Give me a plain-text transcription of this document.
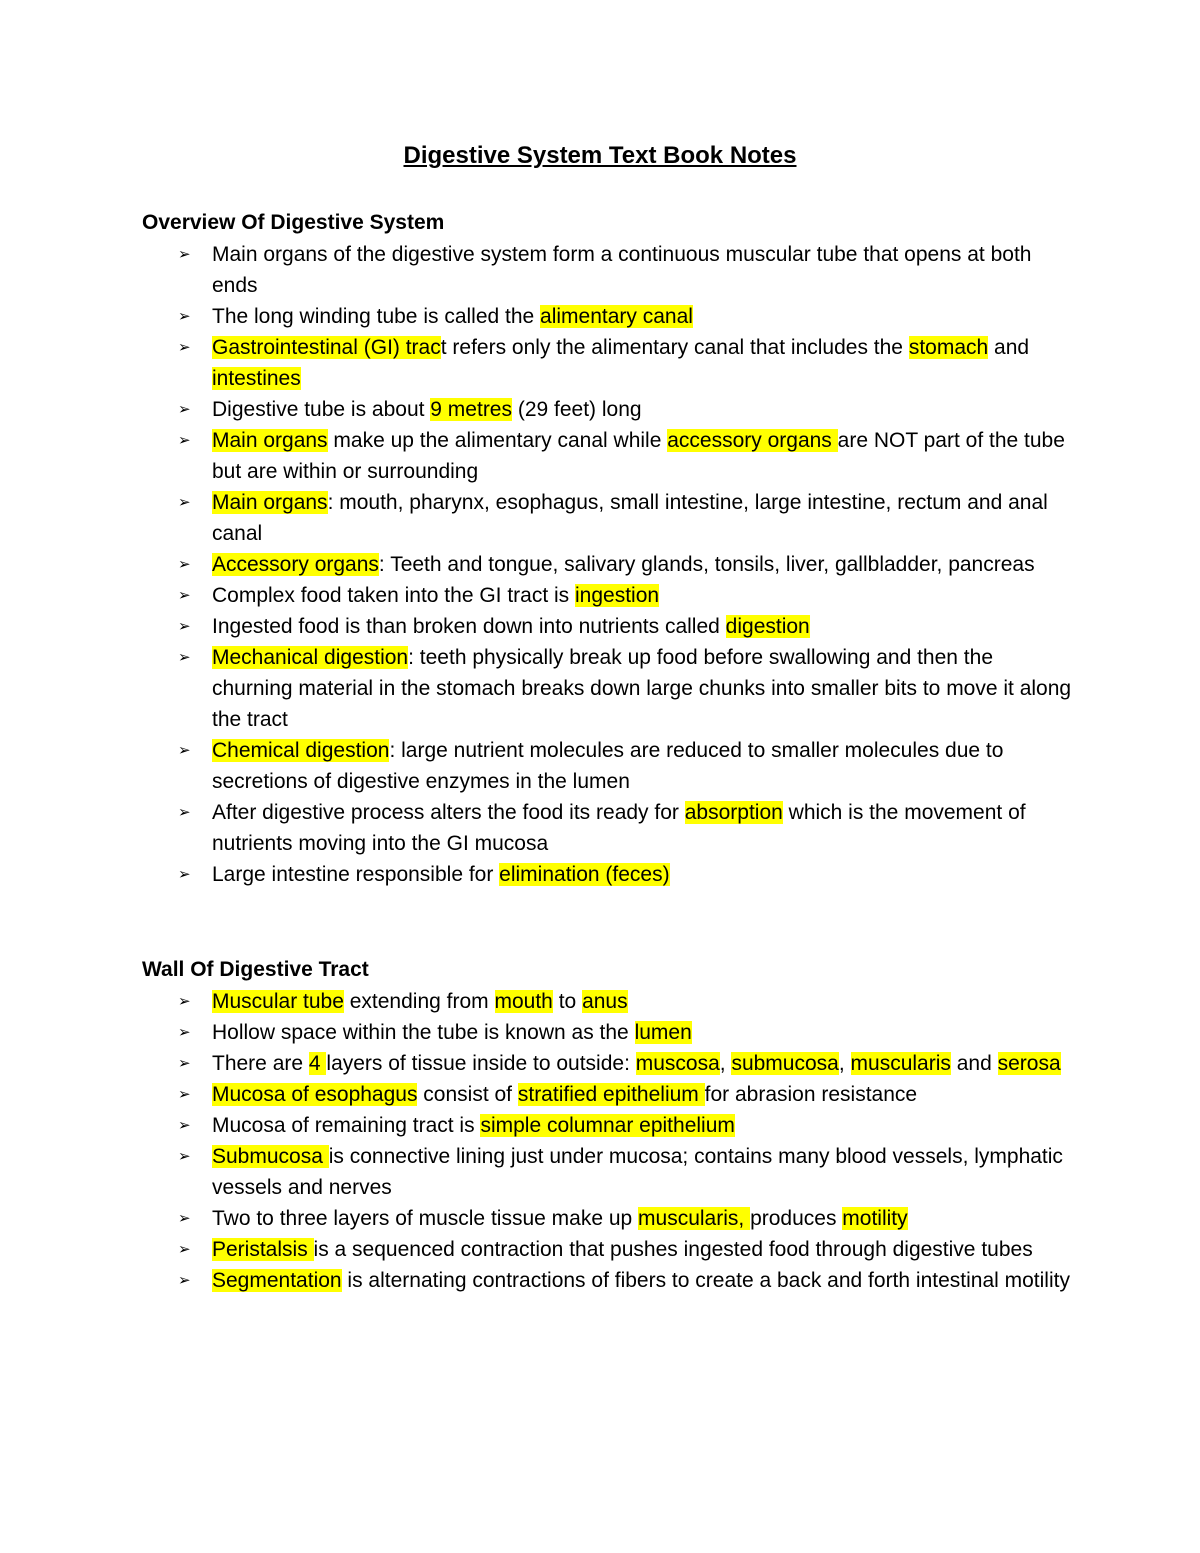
Digestive System Text Book Notes
Overview Of Digestive System
➢ Main organs of the digestive system form a continuous muscular tube that opens at both ends
➢ The long winding tube is called the alimentary canal
➢ Gastrointestinal (GI) tract refers only the alimentary canal that includes the stomach and intestines
➢ Digestive tube is about 9 metres (29 feet) long
➢ Main organs make up the alimentary canal while accessory organs are NOT part of the tube but are within or surrounding
➢ Main organs: mouth, pharynx, esophagus, small intestine, large intestine, rectum and anal canal
➢ Accessory organs: Teeth and tongue, salivary glands, tonsils, liver, gallbladder, pancreas
➢ Complex food taken into the GI tract is ingestion
➢ Ingested food is than broken down into nutrients called digestion
➢ Mechanical digestion: teeth physically break up food before swallowing and then the churning material in the stomach breaks down large chunks into smaller bits to move it along the tract
➢ Chemical digestion: large nutrient molecules are reduced to smaller molecules due to secretions of digestive enzymes in the lumen
➢ After digestive process alters the food its ready for absorption which is the movement of nutrients moving into the GI mucosa
➢ Large intestine responsible for elimination (feces)
Wall Of Digestive Tract
➢ Muscular tube extending from mouth to anus
➢ Hollow space within the tube is known as the lumen
➢ There are 4 layers of tissue inside to outside: muscosa, submucosa, muscularis and serosa
➢ Mucosa of esophagus consist of stratified epithelium for abrasion resistance
➢ Mucosa of remaining tract is simple columnar epithelium
➢ Submucosa is connective lining just under mucosa; contains many blood vessels, lymphatic vessels and nerves
➢ Two to three layers of muscle tissue make up muscularis, produces motility
➢ Peristalsis is a sequenced contraction that pushes ingested food through digestive tubes
➢ Segmentation is alternating contractions of fibers to create a back and forth intestinal motility
